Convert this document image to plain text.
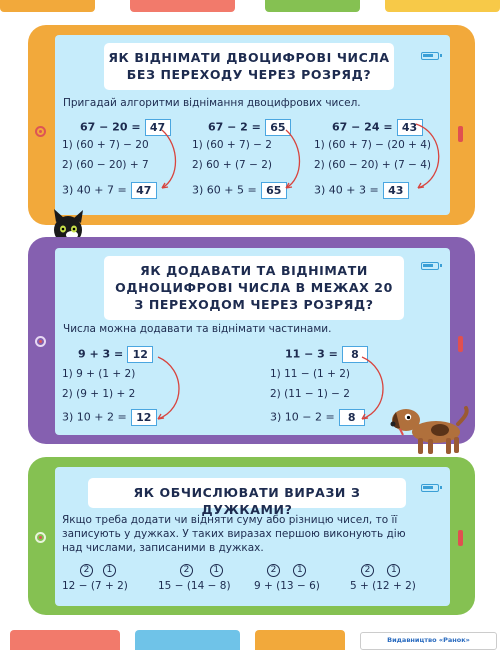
ЯК ВІДНІМАТИ ДВОЦИФРОВІ ЧИСЛА
БЕЗ ПЕРЕХОДУ ЧЕРЕЗ РОЗРЯД?
Пригадай алгоритми віднімання двоцифрових чисел.
67 − 20 = 47
1) (60 + 7) − 20
2) (60 − 20) + 7
3) 40 + 7 = 47
67 − 2 = 65
1) (60 + 7) − 2
2) 60 + (7 − 2)
3) 60 + 5 = 65
67 − 24 = 43
1) (60 + 7) − (20 + 4)
2) (60 − 20) + (7 − 4)
3) 40 + 3 = 43
ЯК ДОДАВАТИ ТА ВІДНІМАТИ
ОДНОЦИФРОВІ ЧИСЛА В МЕЖАХ 20
З ПЕРЕХОДОМ ЧЕРЕЗ РОЗРЯД?
Числа можна додавати та віднімати частинами.
9 + 3 = 12
1) 9 + (1 + 2)
2) (9 + 1) + 2
3) 10 + 2 = 12
11 − 3 = 8
1) 11 − (1 + 2)
2) (11 − 1) − 2
3) 10 − 2 = 8
ЯК ОБЧИСЛЮВАТИ ВИРАЗИ З ДУЖКАМИ?
Якщо треба додати чи відняти суму або різницю чисел, то її
записують у дужках. У таких виразах першою виконують дію
над числами, записаними в дужках.
2 1
12 − (7 + 2)
2	1
15 − (14 − 8)
2 1
9 + (13 − 6)
2 1
5 + (12 + 2)
Видавництво «Ранок»
